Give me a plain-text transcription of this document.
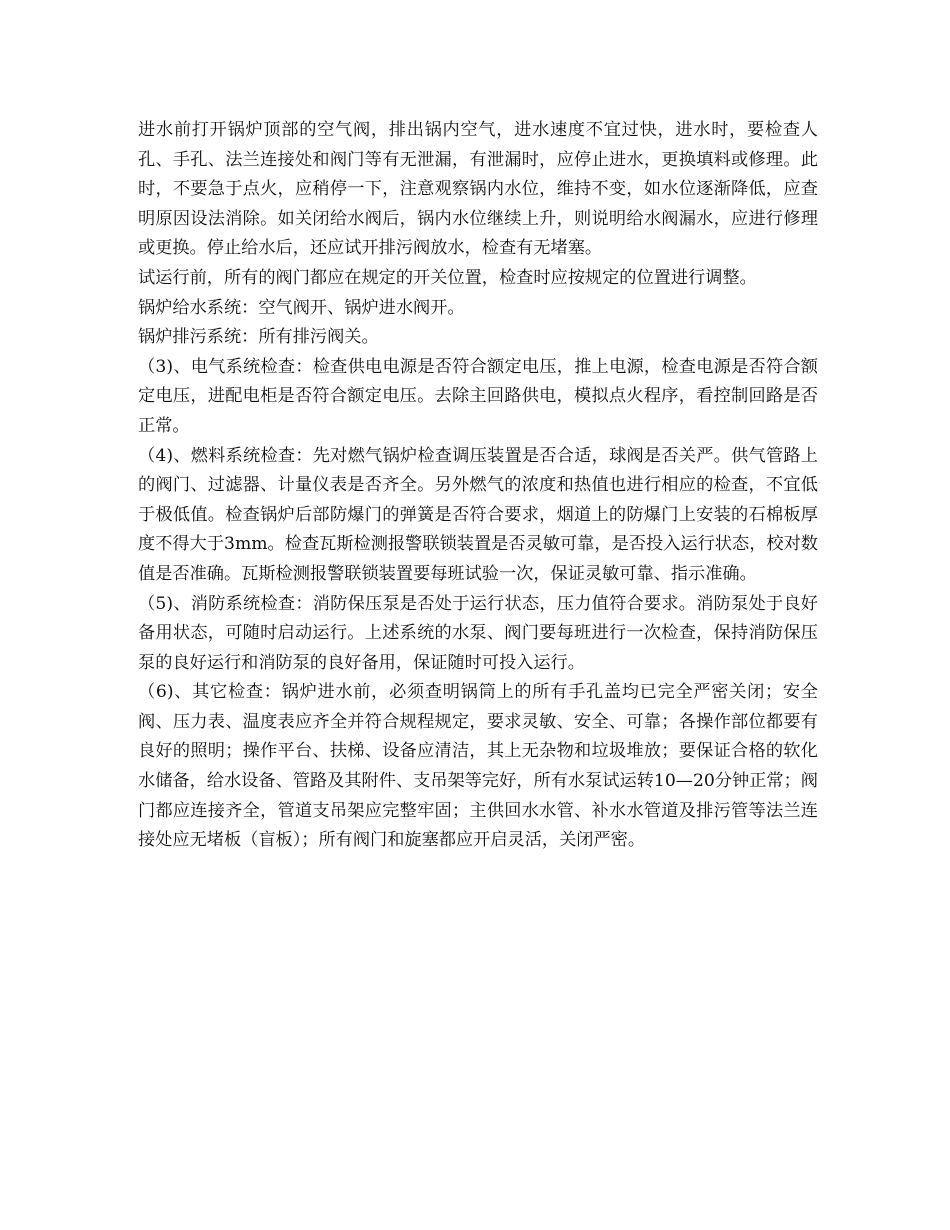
进水前打开锅炉顶部的空气阀，排出锅内空气，进水速度不宜过快，进水时，要检查人孔、手孔、法兰连接处和阀门等有无泄漏，有泄漏时，应停止进水，更换填料或修理。此时，不要急于点火，应稍停一下，注意观察锅内水位，维持不变，如水位逐渐降低，应查明原因设法消除。如关闭给水阀后，锅内水位继续上升，则说明给水阀漏水，应进行修理或更换。停止给水后，还应试开排污阀放水，检查有无堵塞。

试运行前，所有的阀门都应在规定的开关位置，检查时应按规定的位置进行调整。

锅炉给水系统：空气阀开、锅炉进水阀开。

锅炉排污系统：所有排污阀关。

（3)、电气系统检查：检查供电电源是否符合额定电压，推上电源，检查电源是否符合额定电压，进配电柜是否符合额定电压。去除主回路供电，模拟点火程序，看控制回路是否正常。

（4)、燃料系统检查：先对燃气锅炉检查调压装置是否合适，球阀是否关严。供气管路上的阀门、过滤器、计量仪表是否齐全。另外燃气的浓度和热值也进行相应的检查，不宜低于极低值。检查锅炉后部防爆门的弹簧是否符合要求，烟道上的防爆门上安装的石棉板厚度不得大于3mm。检查瓦斯检测报警联锁装置是否灵敏可靠，是否投入运行状态，校对数值是否准确。瓦斯检测报警联锁装置要每班试验一次，保证灵敏可靠、指示准确。

（5)、消防系统检查：消防保压泵是否处于运行状态，压力值符合要求。消防泵处于良好备用状态，可随时启动运行。上述系统的水泵、阀门要每班进行一次检查，保持消防保压泵的良好运行和消防泵的良好备用，保证随时可投入运行。

（6)、其它检查：锅炉进水前，必须查明锅筒上的所有手孔盖均已完全严密关闭；安全阀、压力表、温度表应齐全并符合规程规定，要求灵敏、安全、可靠；各操作部位都要有良好的照明；操作平台、扶梯、设备应清洁，其上无杂物和垃圾堆放；要保证合格的软化水储备，给水设备、管路及其附件、支吊架等完好，所有水泵试运转10—20分钟正常；阀门都应连接齐全，管道支吊架应完整牢固；主供回水水管、补水水管道及排污管等法兰连接处应无堵板（盲板）；所有阀门和旋塞都应开启灵活，关闭严密。
